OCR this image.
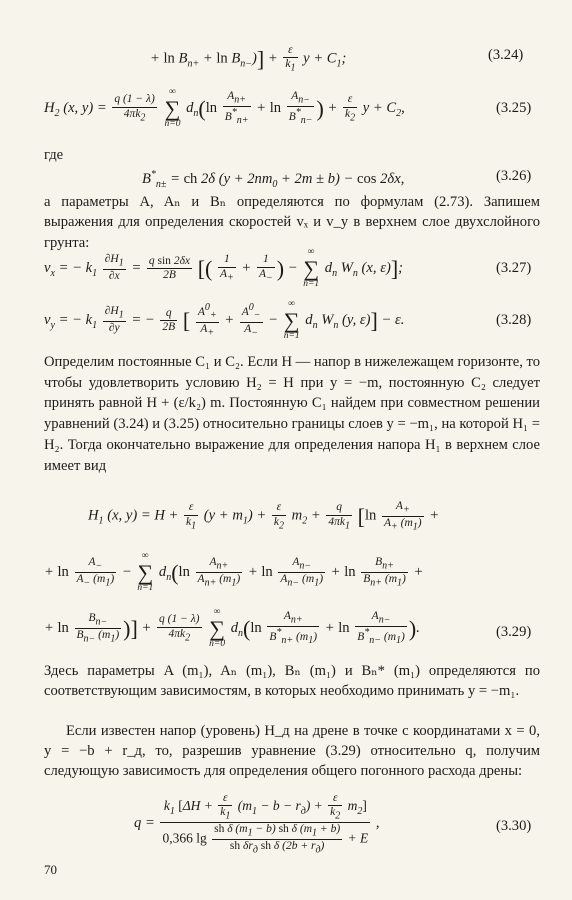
+ $\ln B_{n+} + \ln B_{n-})] + \frac{\varepsilon}{k_1}$ $y + C_1$;	(3.24)
$H_2$ (x, $y) = \frac{q (1 - \lambda)}{4\pi k_2}$

∞
∑
n=0
$d_n(\ln \frac{A_{n+}}{B^*_{n+}} + \ln \frac{A_{n-}}{B^*_{n-}}$ ) + $\frac{\varepsilon}{k_2}$ $y + C_2$,	(3.25)
где
$B^*_{n\pm}$ = ch 2δ $(y + 2nm_0 + 2m \pm b) - \cos 2\delta x$,	(3.26)
а параметры A, Aₙ и Bₙ определяются по формулам (2.73). Запишем выражения для определения скоростей vₓ и v_y в верхнем слое двухслойного грунта:
$v_x$ = − $k_1 \frac{\partial H_1}{\partial x} = \frac{\text{q sin 2δx}}{2B}$ [( $\frac{1}{A_+} + \frac{1}{A_-}$ ) −
∞
∑
n=1
$d_n$ $W_n$ (x, ε)];	(3.27)
$v_y$ = − $k_1 \frac{\partial H_1}{\partial y}$ = − $\frac{q}{2B}$ [ $\frac{A^0_+}{A_+} + \frac{A^0_-}{A_-}$ −
∞
∑
n=1
$d_n$ $W_n$ (y, ε)] − ε.	(3.28)
Определим постоянные C₁ и C₂. Если H — напор в нижележащем горизонте, то чтобы удовлетворить условию H₂ = H при y = −m, постоянную C₂ следует принять равной H + (ε/k₂) m. Постоянную C₁ найдем при совместном решении уравнений (3.24) и (3.25) относительно границы слоев y = −m₁, на которой H₁ = H₂. Тогда окончательно выражение для определения напора H₁ в верхнем слое имеет вид
$H_1$ (x, $y) = H + \frac{\varepsilon}{k_1} (y + m_1) + \frac{\varepsilon}{k_2} m_2 + \frac{q}{4\pi k_1} [\ln \frac{A_+}{A_+ (m_1)}$ +
+ $\ln \frac{A_-}{A_- (m_1)}$ −
∞
∑
n=1
$d_n(\ln \frac{A_{n+}}{A_{n+} (m_1)} + \ln \frac{A_{n-}}{A_{n-} (m_1)} + \ln \frac{B_{n+}}{B_{n+} (m_1)}$ +
+ $\ln \frac{B_{n-}}{B_{n-} (m_1)}$ )] + $\frac{q (1 - \lambda)}{4\pi k_2}$

∞
∑
n=0
$d_n(\ln \frac{A_{n+}}{B^*_{n+} (m_1)} + \ln \frac{A_{n-}}{B^*_{n-} (m_1)}$ ).	(3.29)
Здесь параметры A (m₁), Aₙ (m₁), Bₙ (m₁) и Bₙ* (m₁) определяются по соответствующим зависимостям, в которых необходимо принимать y = −m₁.
Если известен напор (уровень) H_д на дрене в точке с координатами x = 0, y = −b + r_д, то, разрешив уравнение (3.29) относительно q, получим следующую зависимость для определения общего погонного расхода дрены:
q =
$k_1$ $[\Delta H + \frac{\varepsilon}{k_1} (m_1 - b - r_д) + \frac{\varepsilon}{k_2} m_2]$
0,366 $\lg \frac{sh \delta (m_1 - b) sh \delta (m_1 + b)}{sh \delta r_д sh \delta (2b + r_д)} + E$
,	(3.30)
70
